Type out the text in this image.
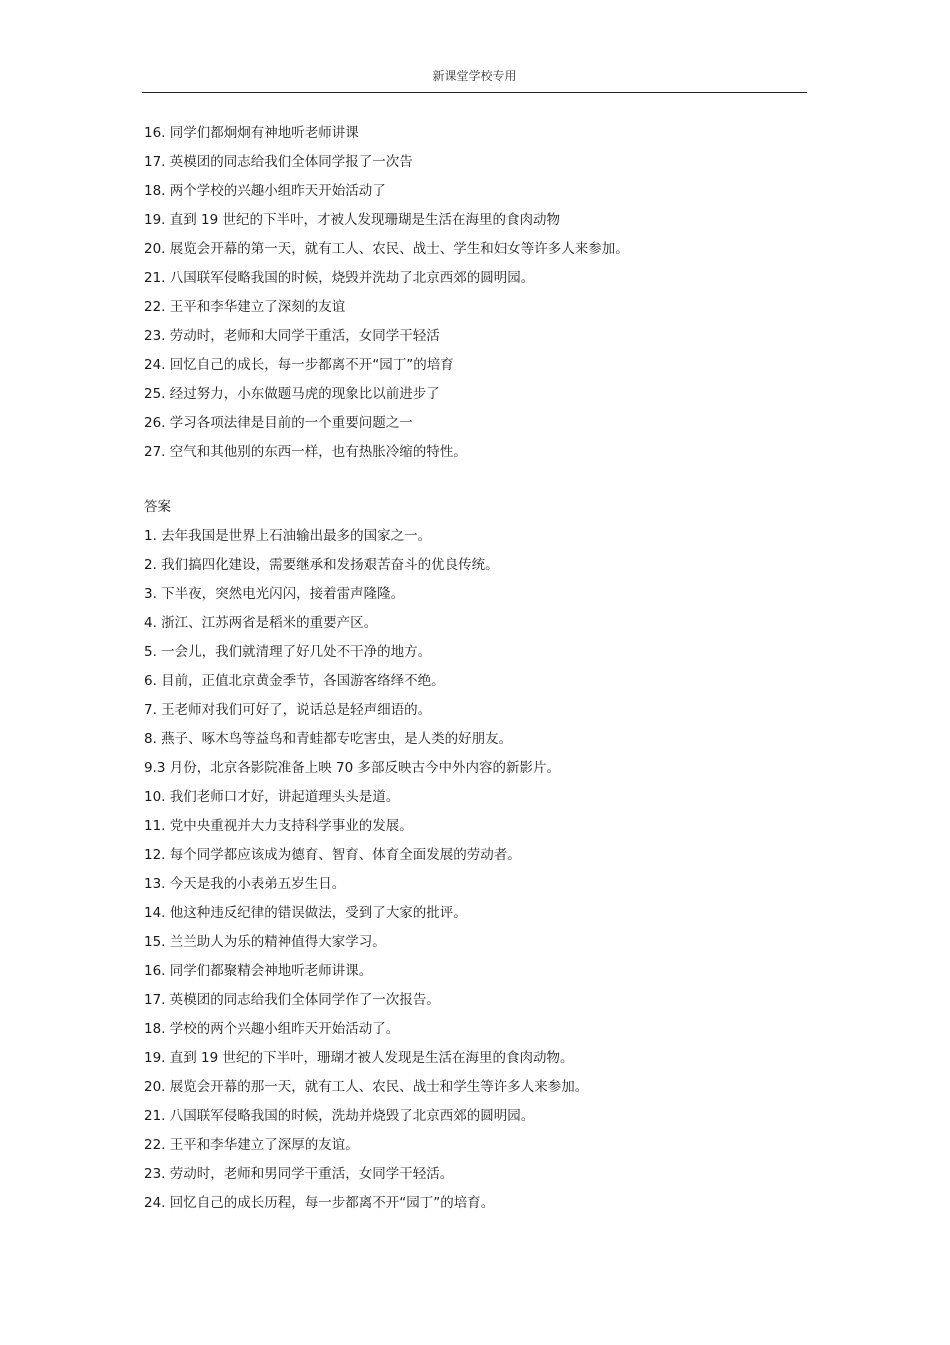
新课堂学校专用
16. 同学们都炯炯有神地听老师讲课
17. 英模团的同志给我们全体同学报了一次告
18. 两个学校的兴趣小组昨天开始活动了
19. 直到 19 世纪的下半叶，才被人发现珊瑚是生活在海里的食肉动物
20. 展览会开幕的第一天，就有工人、农民、战士、学生和妇女等许多人来参加。
21. 八国联军侵略我国的时候，烧毁并洗劫了北京西郊的圆明园。
22. 王平和李华建立了深刻的友谊
23. 劳动时，老师和大同学干重活，女同学干轻活
24. 回忆自己的成长，每一步都离不开“园丁”的培育
25. 经过努力，小东做题马虎的现象比以前进步了
26. 学习各项法律是目前的一个重要问题之一
27. 空气和其他别的东西一样，也有热胀冷缩的特性。
答案
1. 去年我国是世界上石油输出最多的国家之一。
2. 我们搞四化建设，需要继承和发扬艰苦奋斗的优良传统。
3. 下半夜，突然电光闪闪，接着雷声隆隆。
4. 浙江、江苏两省是稻米的重要产区。
5. 一会儿，我们就清理了好几处不干净的地方。
6. 目前，正值北京黄金季节，各国游客络绎不绝。
7. 王老师对我们可好了，说话总是轻声细语的。
8. 燕子、啄木鸟等益鸟和青蛙都专吃害虫，是人类的好朋友。
9.3 月份，北京各影院准备上映 70 多部反映古今中外内容的新影片。
10. 我们老师口才好，讲起道理头头是道。
11. 党中央重视并大力支持科学事业的发展。
12. 每个同学都应该成为德育、智育、体育全面发展的劳动者。
13. 今天是我的小表弟五岁生日。
14. 他这种违反纪律的错误做法，受到了大家的批评。
15. 兰兰助人为乐的精神值得大家学习。
16. 同学们都聚精会神地听老师讲课。
17. 英模团的同志给我们全体同学作了一次报告。
18. 学校的两个兴趣小组昨天开始活动了。
19. 直到 19 世纪的下半叶，珊瑚才被人发现是生活在海里的食肉动物。
20. 展览会开幕的那一天，就有工人、农民、战士和学生等许多人来参加。
21. 八国联军侵略我国的时候，洗劫并烧毁了北京西郊的圆明园。
22. 王平和李华建立了深厚的友谊。
23. 劳动时，老师和男同学干重活，女同学干轻活。
24. 回忆自己的成长历程，每一步都离不开“园丁”的培育。
